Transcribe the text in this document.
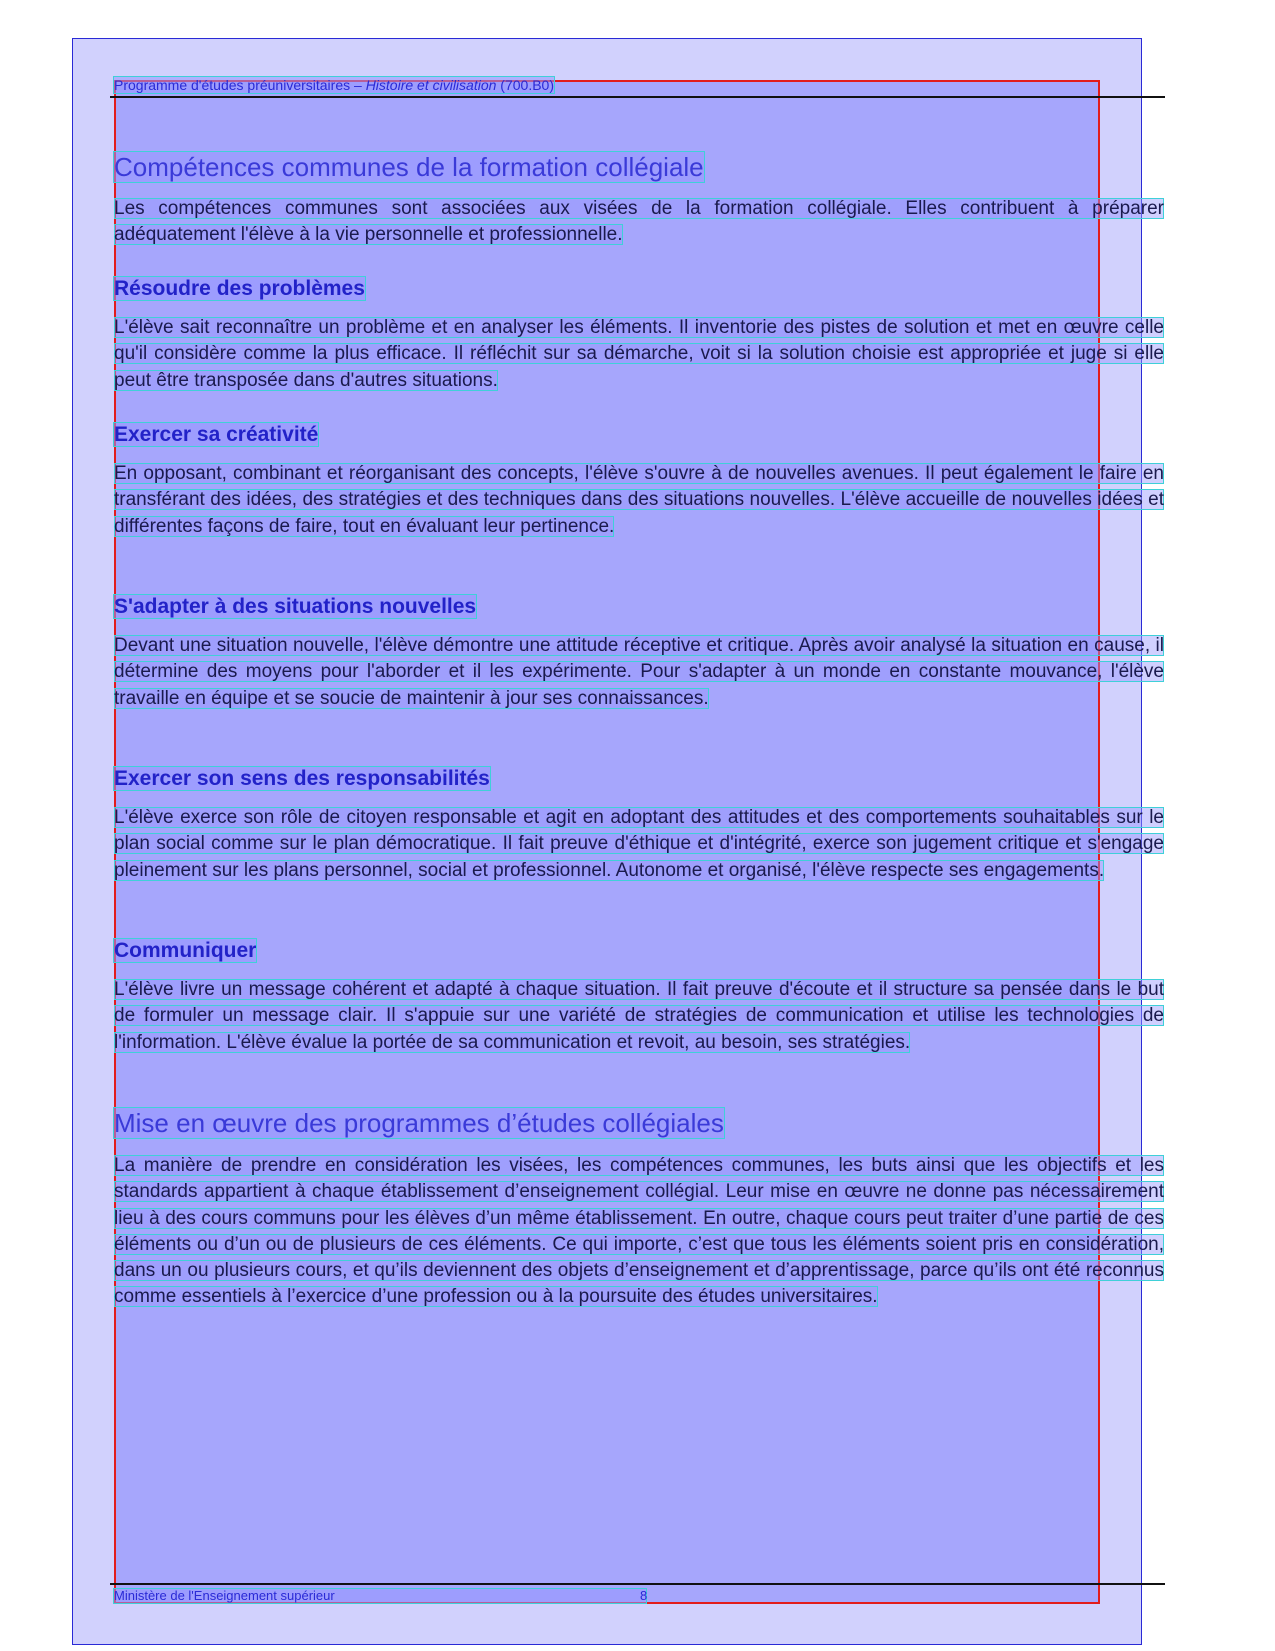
Programme d'études préuniversitaires – Histoire et civilisation (700.B0)
Compétences communes de la formation collégiale

Les compétences communes sont associées aux visées de la formation collégiale. Elles contribuent à préparer adéquatement l'élève à la vie personnelle et professionnelle.

Résoudre des problèmes

L'élève sait reconnaître un problème et en analyser les éléments. Il inventorie des pistes de solution et met en œuvre celle qu'il considère comme la plus efficace. Il réfléchit sur sa démarche, voit si la solution choisie est appropriée et juge si elle peut être transposée dans d'autres situations.

Exercer sa créativité

En opposant, combinant et réorganisant des concepts, l'élève s'ouvre à de nouvelles avenues. Il peut également le faire en transférant des idées, des stratégies et des techniques dans des situations nouvelles. L'élève accueille de nouvelles idées et différentes façons de faire, tout en évaluant leur pertinence.

S'adapter à des situations nouvelles

Devant une situation nouvelle, l'élève démontre une attitude réceptive et critique. Après avoir analysé la situation en cause, il détermine des moyens pour l'aborder et il les expérimente. Pour s'adapter à un monde en constante mouvance, l'élève travaille en équipe et se soucie de maintenir à jour ses connaissances.

Exercer son sens des responsabilités

L'élève exerce son rôle de citoyen responsable et agit en adoptant des attitudes et des comportements souhaitables sur le plan social comme sur le plan démocratique. Il fait preuve d'éthique et d'intégrité, exerce son jugement critique et s'engage pleinement sur les plans personnel, social et professionnel. Autonome et organisé, l'élève respecte ses engagements.

Communiquer

L'élève livre un message cohérent et adapté à chaque situation. Il fait preuve d'écoute et il structure sa pensée dans le but de formuler un message clair. Il s'appuie sur une variété de stratégies de communication et utilise les technologies de l'information. L'élève évalue la portée de sa communication et revoit, au besoin, ses stratégies.

Mise en œuvre des programmes d’études collégiales

La manière de prendre en considération les visées, les compétences communes, les buts ainsi que les objectifs et les standards appartient à chaque établissement d’enseignement collégial. Leur mise en œuvre ne donne pas nécessairement lieu à des cours communs pour les élèves d’un même établissement. En outre, chaque cours peut traiter d’une partie de ces éléments ou d’un ou de plusieurs de ces éléments. Ce qui importe, c’est que tous les éléments soient pris en considération, dans un ou plusieurs cours, et qu’ils deviennent des objets d’enseignement et d’apprentissage, parce qu’ils ont été reconnus comme essentiels à l’exercice d’une profession ou à la poursuite des études universitaires.

Ministère de l'Enseignement supérieur	8
